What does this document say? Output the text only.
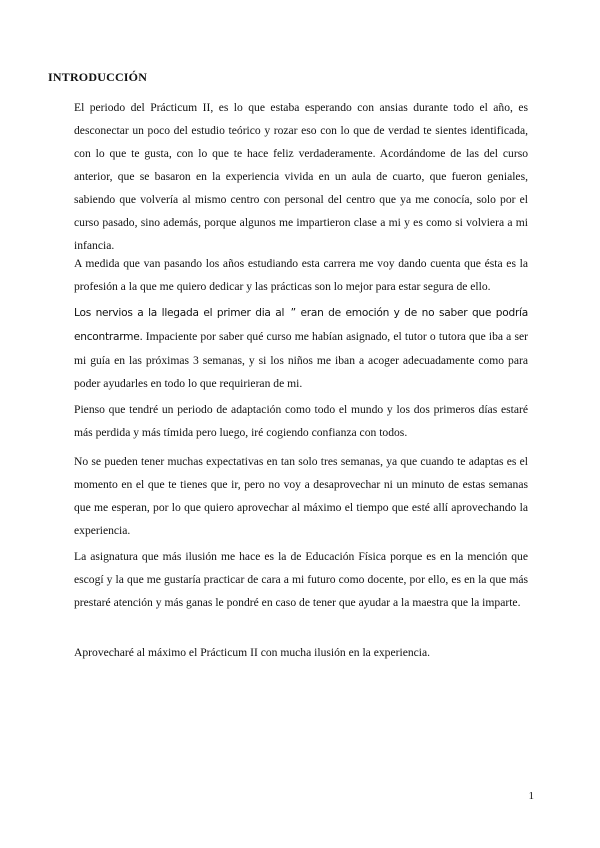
INTRODUCCIÓN

El periodo del Prácticum II, es lo que estaba esperando con ansias durante todo el año, es desconectar un poco del estudio teórico y rozar eso con lo que de verdad te sientes identificada, con lo que te gusta, con lo que te hace feliz verdaderamente. Acordándome de las del curso anterior, que se basaron en la experiencia vivida en un aula de cuarto, que fueron geniales, sabiendo que volvería al mismo centro con personal del centro que ya me conocía, solo por el curso pasado, sino además, porque algunos me impartieron clase a mi y es como si volviera a mi infancia.

A medida que van pasando los años estudiando esta carrera me voy dando cuenta que ésta es la profesión a la que me quiero dedicar y las prácticas son lo mejor para estar segura de ello.

Los nervios a la llegada el primer dia al ” eran de emoción y de no saber que podría encontrarme. Impaciente por saber qué curso me habían asignado, el tutor o tutora que iba a ser mi guía en las próximas 3 semanas, y si los niños me iban a acoger adecuadamente como para poder ayudarles en todo lo que requirieran de mi.

Pienso que tendré un periodo de adaptación como todo el mundo y los dos primeros días estaré más perdida y más tímida pero luego, iré cogiendo confianza con todos.

No se pueden tener muchas expectativas en tan solo tres semanas, ya que cuando te adaptas es el momento en el que te tienes que ir, pero no voy a desaprovechar ni un minuto de estas semanas que me esperan, por lo que quiero aprovechar al máximo el tiempo que esté allí aprovechando la experiencia.

La asignatura que más ilusión me hace es la de Educación Física porque es en la mención que escogí y la que me gustaría practicar de cara a mi futuro como docente, por ello, es en la que más prestaré atención y más ganas le pondré en caso de tener que ayudar a la maestra que la imparte.

Aprovecharé al máximo el Prácticum II con mucha ilusión en la experiencia.

1
